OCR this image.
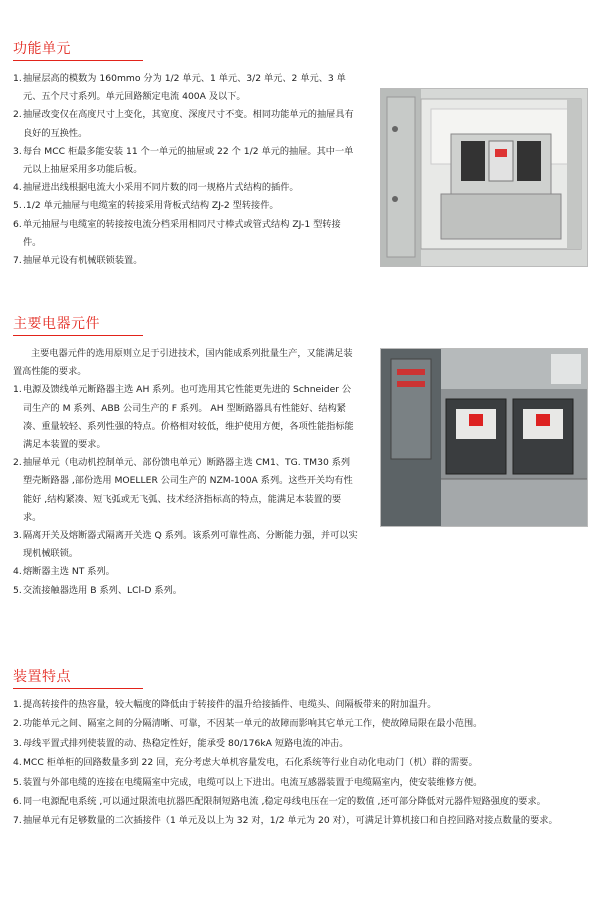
功能单元
1. 抽屉层高的模数为 160mmo 分为 1/2 单元、1 单元、3/2 单元、2 单元、3 单元、五个尺寸系列。单元回路额定电流 400A 及以下。
2. 抽屉改变仅在高度尺寸上变化，其宽度、深度尺寸不变。相同功能单元的抽屉具有良好的互换性。
3. 每台 MCC 柜最多能安装 11 个一单元的抽屉或 22 个 1/2 单元的抽屉。其中一单元以上抽屉采用多功能后板。
4. 抽屉进出线根据电流大小采用不同片数的同一规格片式结构的插件。
5. .1/2 单元抽屉与电缆室的转接采用背板式结构 ZJ-2 型转接件。
6. 单元抽屉与电缆室的转接按电流分档采用相同尺寸棒式或管式结构 ZJ-1 型转接件。
7. 抽屉单元设有机械联锁装置。
主要电器元件
主要电器元件的选用原则立足于引进技术，国内能成系列批量生产，又能满足装置高性能的要求。
1. 电源及馈线单元断路器主选 AH 系列。也可选用其它性能更先进的 Schneider 公司生产的 M 系列、ABB 公司生产的 F 系列。 AH 型断路器具有性能好、结构紧凑、重量较轻、系列性强的特点。价格相对较低，维护使用方便，各项性能指标能满足本装置的要求。
2. 抽屉单元（电动机控制单元、部份馈电单元）断路器主选 CM1、TG. TM30 系列塑壳断路器 ,部份选用 MOELLER 公司生产的 NZM-100A 系列。这些开关均有性能好 ,结构紧凑、短飞弧或无飞弧、技术经济指标高的特点，能满足本装置的要求。
3. 隔离开关及熔断器式隔离开关选 Q 系列。该系列可靠性高、分断能力强，并可以实现机械联锁。
4. 熔断器主选 NT 系列。
5. 交流接触器选用 B 系列、LCl-D 系列。
装置特点
1. 提高转接件的热容量，较大幅度的降低由于转接件的温升给接插件、电缆头、间隔板带来的附加温升。
2. 功能单元之间、隔室之间的分隔清晰、可靠，不因某一单元的故障而影响其它单元工作，使故障局限在最小范围。
3. 母线平置式排列使装置的动、热稳定性好，能承受 80/176kA 短路电流的冲击。
4. MCC 柜单柜的回路数量多到 22 回，充分考虑大单机容量发电，石化系统等行业自动化电动门（机）群的需要。
5. 装置与外部电缆的连接在电缆隔室中完成，电缆可以上下进出。电流互感器装置于电缆隔室内，使安装维修方便。
6. 同一电源配电系统 ,可以通过限流电抗器匹配限制短路电流 ,稳定母线电压在一定的数值 ,还可部分降低对元器件短路强度的要求。
7. 抽屉单元有足够数量的二次插接件（1 单元及以上为 32 对，1/2 单元为 20 对），可满足计算机接口和自控回路对接点数量的要求。
